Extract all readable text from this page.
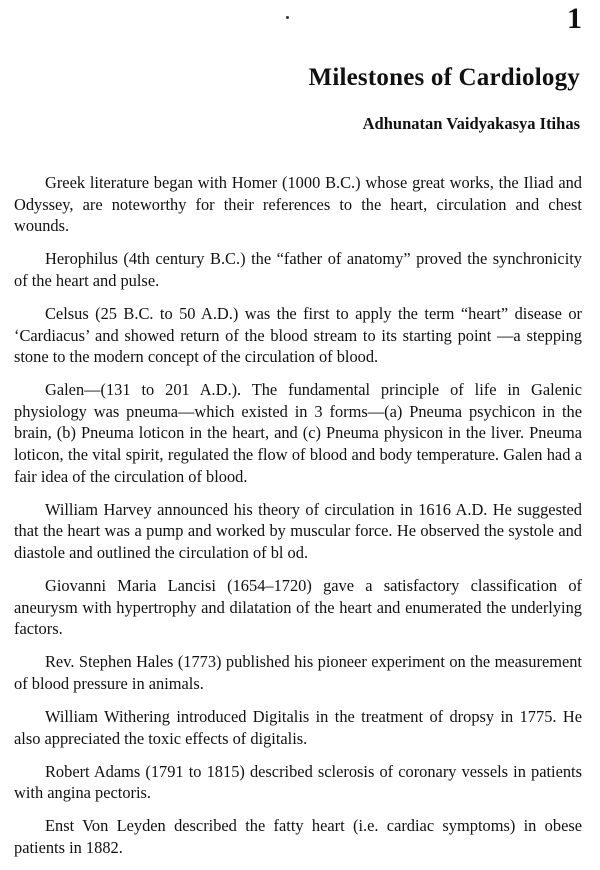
1
Milestones of Cardiology
Adhunatan Vaidyakasya Itihas

Greek literature began with Homer (1000 B.C.) whose great works, the Iliad and Odyssey, are noteworthy for their references to the heart, circulation and chest wounds.

Herophilus (4th century B.C.) the “father of anatomy” proved the synchronicity of the heart and pulse.

Celsus (25 B.C. to 50 A.D.) was the first to apply the term “heart” disease or ‘Cardiacus’ and showed return of the blood stream to its starting point —a stepping stone to the modern concept of the circulation of blood.

Galen—(131 to 201 A.D.). The fundamental principle of life in Galenic physiology was pneuma—which existed in 3 forms—(a) Pneuma psychicon in the brain, (b) Pneuma loticon in the heart, and (c) Pneuma physicon in the liver. Pneuma loticon, the vital spirit, regulated the flow of blood and body temperature. Galen had a fair idea of the circulation of blood.

William Harvey announced his theory of circulation in 1616 A.D. He suggested that the heart was a pump and worked by muscular force. He observed the systole and diastole and outlined the circulation of bl od.

Giovanni Maria Lancisi (1654–1720) gave a satisfactory classification of aneurysm with hypertrophy and dilatation of the heart and enumerated the underlying factors.

Rev. Stephen Hales (1773) published his pioneer experiment on the measurement of blood pressure in animals.

William Withering introduced Digitalis in the treatment of dropsy in 1775. He also appreciated the toxic effects of digitalis.

Robert Adams (1791 to 1815) described sclerosis of coronary vessels in patients with angina pectoris.

Enst Von Leyden described the fatty heart (i.e. cardiac symptoms) in obese patients in 1882.
